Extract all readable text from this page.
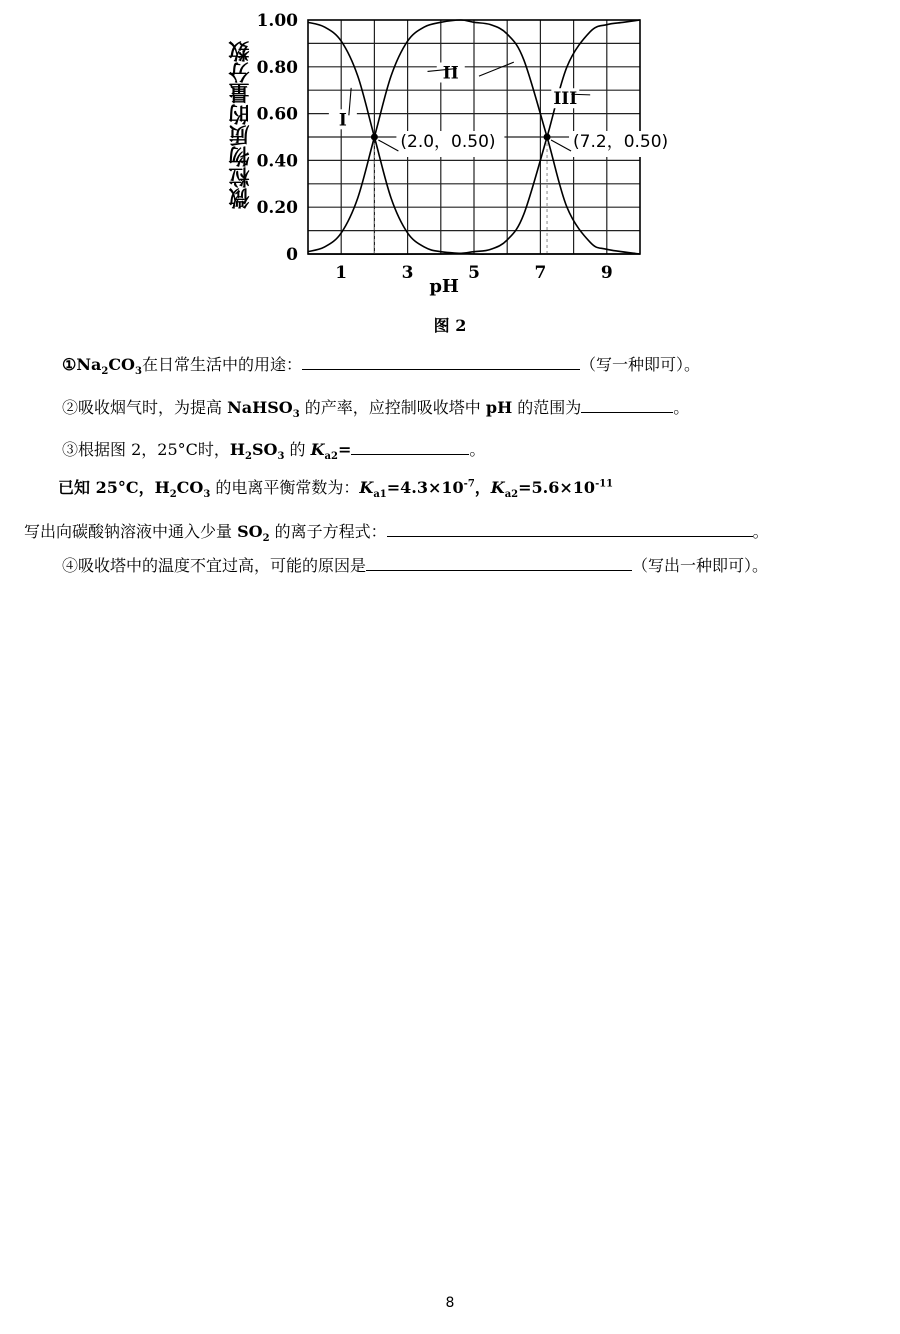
微粒物质的量分数
0
0.20
0.40
0.60
0.80
1.00
1	3	5	7	9
pH
I
II
III
(2.0，0.50)	(7.2，0.50)
图 2
$①Na_2CO_3$在日常生活中的用途：	（写一种即可）。
②吸收烟气时，为提高 NaHSO$_3$ 的产率，应控制吸收塔中 pH 的范围为	。
③根据图 2，25°C时，$H_2SO_3$ 的 $K_{a2}=$	。
已知 25°C，$H_2CO_3$ 的电离平衡常数为：$K_{a1}=4.3\times 10^{-7}$，$K_{a2}=5.6\times 10^{-11}$
写出向碳酸钠溶液中通入少量 $SO_2$ 的离子方程式：	。
④吸收塔中的温度不宜过高，可能的原因是	（写出一种即可）。
8
